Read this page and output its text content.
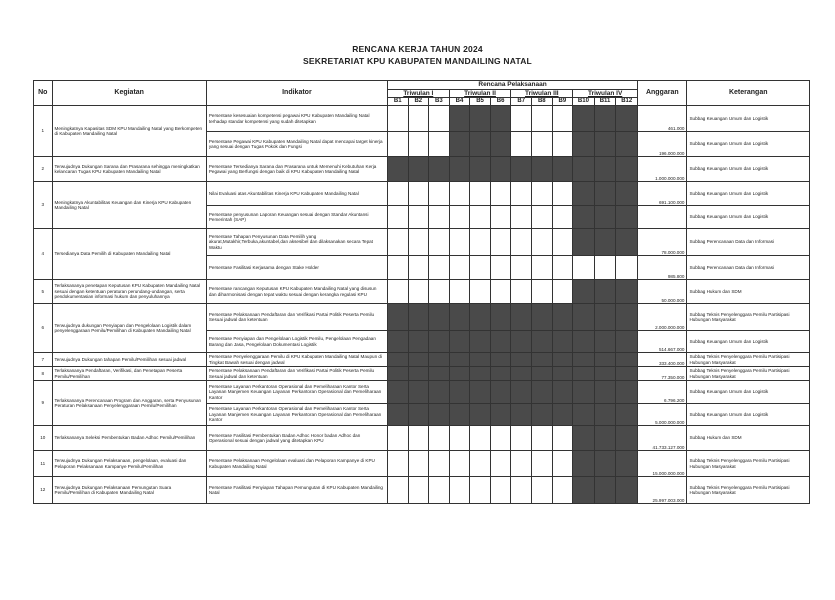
RENCANA KERJA TAHUN 2024
SEKRETARIAT KPU KABUPATEN MANDAILING NATAL
No	Kegiatan	Indikator	Rencana Pelaksanaan												Anggaran	Keterangan
			Triwulan I			Triwulan II			Triwulan III			Triwulan IV				
			B1	B2	B3	B4	B5	B6	B7	B8	B9	B10	B11	B12		
1	Meningkatnya Kapasitas SDM KPU Mandailing Natal yang Berkompeten di Kabupaten Mandailing Natal	Persentase kesesuaian kompetensi pegawai KPU Kabupaten Mandailing Natal terhadap standar kompetensi yang sudah ditetapkan													461.000	Subbag Keuangan Umum dan Logistik
		Persentase Pegawai KPU Kabupaten Mandailing Natal dapat mencapai target kinerja yang sesuai dengan Tugas Pokok dan Fungsi													196.000.000	Subbag Keuangan Umum dan Logistik
2	Terwujudnya Dukungan Sarana dan Prasarana sehingga meningkatkan kelancaran Tugas KPU Kabupaten Mandailing Natal	Persentase Tersedianya Sarana dan Prasarana untuk Memenuhi Kebutuhan Kerja Pegawai yang Berfungsi dengan baik di KPU Kabupaten Mandailing Natal													1.000.000.000	Subbag Keuangan Umum dan Logistik
3	Meningkatnya Akuntabilitas Keuangan dan Kinerja KPU Kabupaten Mandailing Natal	Nilai Evaluasi atas Akuntabilitas Kinerja KPU Kabupaten Mandailing Natal													691.100.000	Subbag Keuangan Umum dan Logistik
		Persentase penyusunan Laporan Keuangan sesuai dengan Standar Akuntansi Pemerintah (SAP)														Subbag Keuangan Umum dan Logistik
4	Tersedianya Data Pemilih di Kabupaten Mandailing Natal	Persentase Tahapan Penyusunan Data Pemilih yang akurat,Mutakhir,Terbuka,akuntabel,dan aksesibel dan dilaksanakan secara Tepat Waktu													78.000.000	Subbag Perencanaan Data dan Informasi
		Persentase Fasilitasi Kerjasama dengan Stake Holder													985.800	Subbag Perencanaan Data dan Informasi
5	Terlaksananya penetapan Keputusan KPU Kabupaten Mandailing Natal sesuai dengan ketentuan peraturan perundang-undangan, serta pendokumentasian informasi hukum dan penyuluhannya	Persentase rancangan Keputusan KPU Kabupaten Mandailing Natal yang disusun dan diharmonisasi dengan tepat waktu sesuai dengan kerangka regulasi KPU													50.000.000	Subbag Hukum dan SDM
6	Terwujudnya dukungan Penyiapan dan Pengelolaan Logistik dalam penyelenggaraan Pemilu/Pemilihan di Kabupaten Mandailing Natal	Persentase Pelaksanaan Pendaftaran dan Verifikasi Partai Politik Peserta Pemilu Sesuai jadwal dan ketentuan													2.000.000.000	Subbag Teknis Penyelenggara Pemilu Partisipasi Hubungan Masyarakat
		Persentase Penyiapan dan Pengelolaan Logistik Pemilu, Pengelolaan Pengadaan Barang dan Jasa, Pengelolaan Dokumentasi Logistik													514.667.000	Subbag Keuangan Umum dan Logistik
7	Terwujudnya Dukungan tahapan Pemilu/Pemilihan sesuai jadwal	Persentase Penyelenggaraan Pemilu di KPU Kabupaten Mandailing Natal Maupun di Tingkat Bawah sesuai dengan jadwal													333.400.000	Subbag Teknis Penyelenggara Pemilu Partisipasi Hubungan Masyarakat
8	Terlaksananya Pendaftaran, Verifikasi, dan Penetapan Peserta Pemilu/Pemilihan	Persentase Pelaksanaan Pendaftaran dan Verifikasi Partai Politik Peserta Pemilu Sesuai jadwal dan ketentuan													77.350.000	Subbag Teknis Penyelenggara Pemilu Partisipasi Hubungan Masyarakat
9	Terlaksananya Perencanaan Program dan Anggaran, serta Penyusunan Peraturan Pelaksanaan Penyelenggaraan Pemilu/Pemilihan	Persentase Layanan Perkantoran Operasional dan Pemeliharaan Kantor Serta Layanan Manjemen Keuangan Layanan Perkantoran Operasional dan Pemeliharaan Kantor													6.796.200	Subbag Keuangan Umum dan Logistik
		Persentase Layanan Perkantoran Operasional dan Pemeliharaan Kantor Serta Layanan Manjemen Keuangan Layanan Perkantoran Operasional dan Pemeliharaan Kantor													5.000.000.000	Subbag Keuangan Umum dan Logistik
10	Terlaksananya Seleksi Pembentukan Badan Adhoc Pemilu/Pemilihan	Persentase Fasilitasi Pembentukan Badan Adhoc Honor badan Adhoc dan Operasional sesuai dengan jadwal yang ditetapkan KPU													41.733.127.000	Subbag Hukum dan SDM
11	Terwujudnya Dukungan Pelaksanaan, pengelolaan, evaluasi dan Pelaporan Pelaksanaan Kampanye Pemilu/Pemilihan	Persentase Pelaksanaan Pengelolaan evaluasi dan Pelaporan Kampanye di KPU Kabupaten Mandailing Natal													15.000.000.000	Subbag Teknis Penyelenggara Pemilu Partisipasi Hubungan Masyarakat
12	Terwujudnya Dukungan Pelaksanaan Pemungutan Suara Pemilu/Pemilihan di Kabupaten Mandailing Natal	Persentase Fasilitasi Penyiapan Tahapan Pemungutan di KPU Kabupaten Mandailing Natal													25.997.003.000	Subbag Teknis Penyelenggara Pemilu Partisipasi Hubungan Masyarakat
